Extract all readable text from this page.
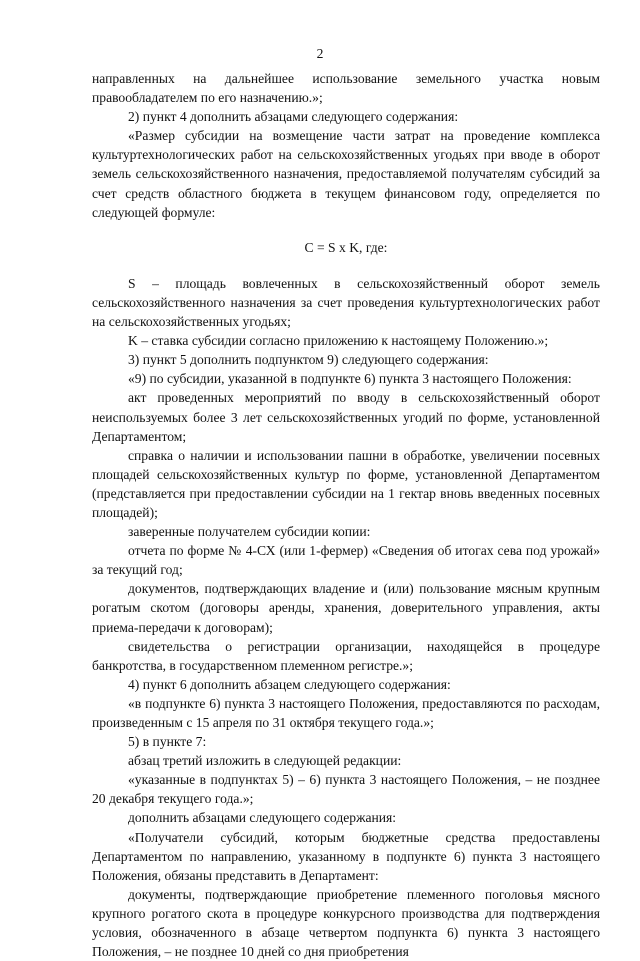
2

направленных на дальнейшее использование земельного участка новым правообладателем по его назначению.»;

2) пункт 4 дополнить абзацами следующего содержания:

«Размер субсидии на возмещение части затрат на проведение комплекса культуртехнологических работ на сельскохозяйственных угодьях при вводе в оборот земель сельскохозяйственного назначения, предоставляемой получателям субсидий за счет средств областного бюджета в текущем финансовом году, определяется по следующей формуле:

C = S x K, где:

S – площадь вовлеченных в сельскохозяйственный оборот земель сельскохозяйственного назначения за счет проведения культуртехнологических работ на сельскохозяйственных угодьях;

K – ставка субсидии согласно приложению к настоящему Положению.»;

3) пункт 5 дополнить подпунктом 9) следующего содержания:

«9) по субсидии, указанной в подпункте 6) пункта 3 настоящего Положения:

акт проведенных мероприятий по вводу в сельскохозяйственный оборот неиспользуемых более 3 лет сельскохозяйственных угодий по форме, установленной Департаментом;

справка о наличии и использовании пашни в обработке, увеличении посевных площадей сельскохозяйственных культур по форме, установленной Департаментом (представляется при предоставлении субсидии на 1 гектар вновь введенных посевных площадей);

заверенные получателем субсидии копии:

отчета по форме № 4-СХ (или 1-фермер) «Сведения об итогах сева под урожай» за текущий год;

документов, подтверждающих владение и (или) пользование мясным крупным рогатым скотом (договоры аренды, хранения, доверительного управления, акты приема-передачи к договорам);

свидетельства о регистрации организации, находящейся в процедуре банкротства, в государственном племенном регистре.»;

4) пункт 6 дополнить абзацем следующего содержания:

«в подпункте 6) пункта 3 настоящего Положения, предоставляются по расходам, произведенным с 15 апреля по 31 октября текущего года.»;

5) в пункте 7:

абзац третий изложить в следующей редакции:

«указанные в подпунктах 5) – 6) пункта 3 настоящего Положения, – не позднее 20 декабря текущего года.»;

дополнить абзацами следующего содержания:

«Получатели субсидий, которым бюджетные средства предоставлены Департаментом по направлению, указанному в подпункте 6) пункта 3 настоящего Положения, обязаны представить в Департамент:

документы, подтверждающие приобретение племенного поголовья мясного крупного рогатого скота в процедуре конкурсного производства для подтверждения условия, обозначенного в абзаце четвертом подпункта 6) пункта 3 настоящего Положения, – не позднее 10 дней со дня приобретения
